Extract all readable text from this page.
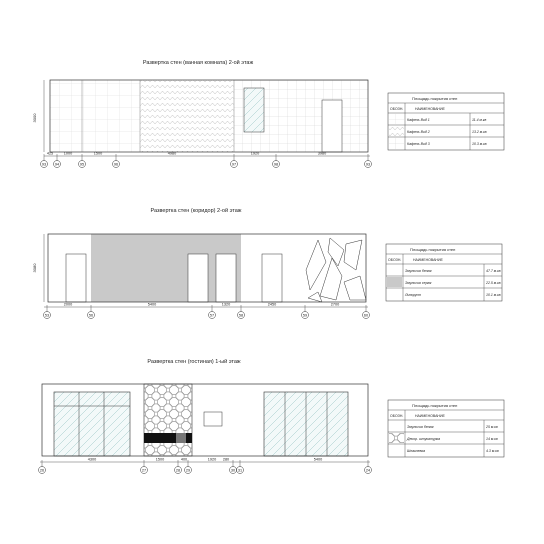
Развертка стен (ванная комната) 2-ой этаж
3000
425	1000	1500	4980	1920	3980
93 94	95	96	97	98	93
Площадь покрытия стен
ОБОЗН.	НАИМЕНОВАНИЕ
Кафель Вид 1	11.4 м.кв
Кафель Вид 2	13.2 м.кв
Кафель Вид 3	10.3 м.кв
Развертка стен (коридор) 2-ой этаж
3080
2000	5400	1320	2450	2700
53	56	57	58	59	60
Площадь покрытия стен
ОБОЗН.	НАИМЕНОВАНИЕ
Эмульсия белая	47.7 м.кв
Эмульсия серая	22.5 м.кв
Линкруст	10.1 м.кв
Развертка стен (гостиная) 1-ый этаж
4300	1500	400	1920 280	5400
26	27	28 29	30 31	24
Площадь покрытия стен
ОБОЗН.	НАИМЕНОВАНИЕ
Эмульсия белая	25 м.кв
Декор. штукатурка	14 м.кв
Шпаклевка	4.3 м.кв
